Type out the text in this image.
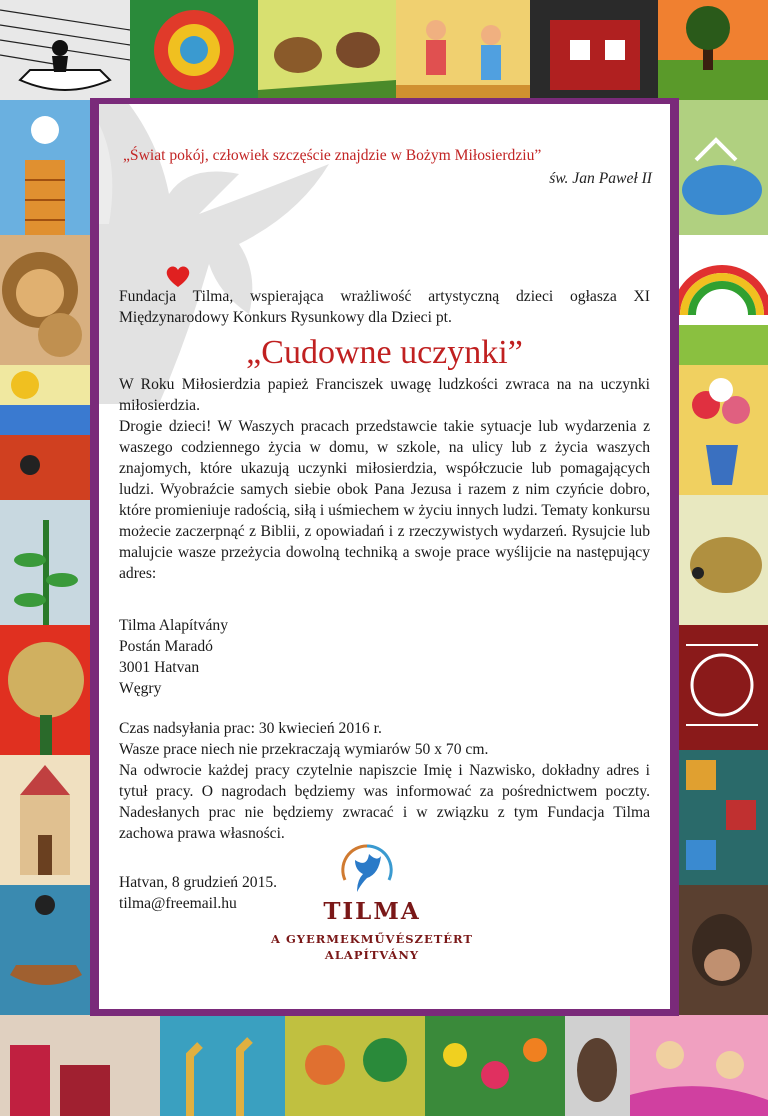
„Świat pokój, człowiek szczęście znajdzie w Bożym Miłosierdziu”
św. Jan Paweł II
Fundacja Tilma, wspierająca wrażliwość artystyczną dzieci ogłasza XI Międzynarodowy Konkurs Rysunkowy dla Dzieci pt.
„Cudowne uczynki”

W Roku Miłosierdzia papież Franciszek uwagę ludzkości zwraca na na uczynki miłosierdzia.

Drogie dzieci! W Waszych pracach przedstawcie takie sytuacje lub wydarzenia z waszego codziennego życia w domu, w szkole, na ulicy lub z życia waszych znajomych, które ukazują uczynki miłosierdzia, współczucie lub pomagających ludzi. Wyobraźcie samych siebie obok Pana Jezusa i razem z nim czyńcie dobro, które promieniuje radością, siłą i uśmiechem w życiu innych ludzi. Tematy konkursu możecie zaczerpnąć z Biblii, z opowiadań i z rzeczywistych wydarzeń. Rysujcie lub malujcie wasze przeżycia dowolną techniką a swoje prace wyślijcie na następujący adres:

Tilma Alapítvány
Postán Maradó
3001 Hatvan
Węgry

Czas nadsyłania prac: 30 kwiecień 2016 r.

Wasze prace niech nie przekraczają wymiarów 50 x 70 cm.

Na odwrocie każdej pracy czytelnie napiszcie Imię i Nazwisko, dokładny adres i tytuł pracy. O nagrodach będziemy was informować za pośrednictwem poczty. Nadesłanych prac nie będziemy zwracać i w związku z tym Fundacja Tilma zachowa prawa własności.

Hatvan, 8 grudzień 2015.
tilma@freemail.hu	TILMA
A GYERMEKMŰVÉSZETÉRT
ALAPÍTVÁNY
